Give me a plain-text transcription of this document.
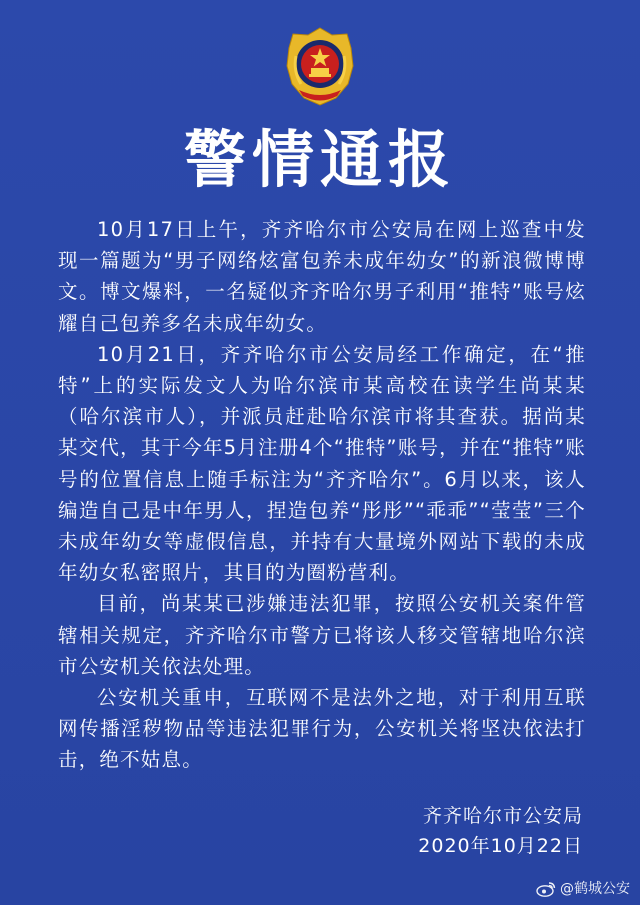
警情通报

10月17日上午，齐齐哈尔市公安局在网上巡查中发现一篇题为“男子网络炫富包养未成年幼女”的新浪微博博文。博文爆料，一名疑似齐齐哈尔男子利用“推特”账号炫耀自己包养多名未成年幼女。

10月21日，齐齐哈尔市公安局经工作确定，在“推特”上的实际发文人为哈尔滨市某高校在读学生尚某某（哈尔滨市人），并派员赶赴哈尔滨市将其查获。据尚某某交代，其于今年5月注册4个“推特”账号，并在“推特”账号的位置信息上随手标注为“齐齐哈尔”。6月以来，该人编造自己是中年男人，捏造包养“彤彤”“乖乖”“莹莹”三个未成年幼女等虚假信息，并持有大量境外网站下载的未成年幼女私密照片，其目的为圈粉营利。

目前，尚某某已涉嫌违法犯罪，按照公安机关案件管辖相关规定，齐齐哈尔市警方已将该人移交管辖地哈尔滨市公安机关依法处理。

公安机关重申，互联网不是法外之地，对于利用互联网传播淫秽物品等违法犯罪行为，公安机关将坚决依法打击，绝不姑息。

齐齐哈尔市公安局
2020年10月22日
@鹤城公安
